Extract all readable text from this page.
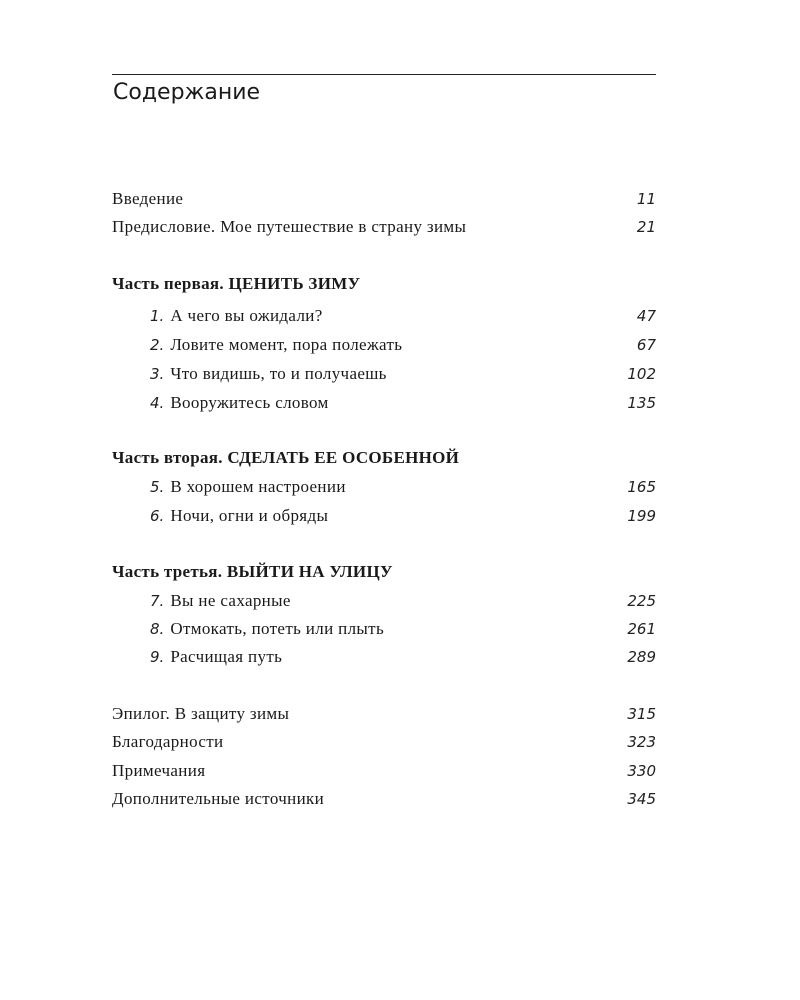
Содержание
Введение	11
Предисловие. Мое путешествие в страну зимы	21
Часть первая. ЦЕНИТЬ ЗИМУ
1. А чего вы ожидали?	47
2. Ловите момент, пора полежать	67
3. Что видишь, то и получаешь	102
4. Вооружитесь словом	135
Часть вторая. СДЕЛАТЬ ЕЕ ОСОБЕННОЙ
5. В хорошем настроении	165
6. Ночи, огни и обряды	199
Часть третья. ВЫЙТИ НА УЛИЦУ
7. Вы не сахарные	225
8. Отмокать, потеть или плыть	261
9. Расчищая путь	289
Эпилог. В защиту зимы	315
Благодарности	323
Примечания	330
Дополнительные источники	345
